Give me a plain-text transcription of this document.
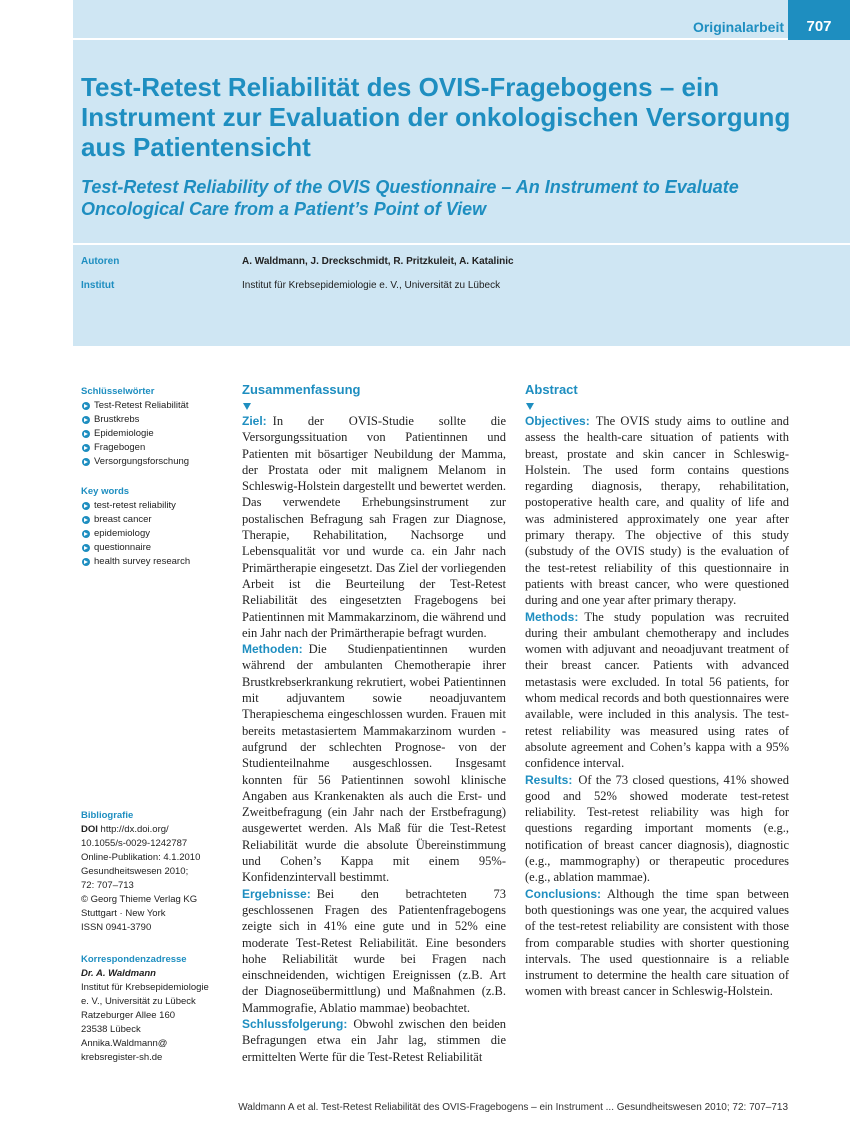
Originalarbeit	707
Test-Retest Reliabilität des OVIS-Fragebogens – ein Instrument zur Evaluation der onkologischen Versorgung aus Patientensicht
Test-Retest Reliability of the OVIS Questionnaire – An Instrument to Evaluate Oncological Care from a Patient’s Point of View
Autoren	A. Waldmann, J. Dreckschmidt, R. Pritzkuleit, A. Katalinic
Institut	Institut für Krebsepidemiologie e. V., Universität zu Lübeck
Schlüsselwörter
Test-Retest Reliabilität
Brustkrebs
Epidemiologie
Fragebogen
Versorgungsforschung
Key words
test-retest reliability
breast cancer
epidemiology
questionnaire
health survey research
Bibliografie
DOI http://dx.doi.org/
10.1055/s-0029-1242787
Online-Publikation: 4.1.2010
Gesundheitswesen 2010;
72: 707–713
© Georg Thieme Verlag KG
Stuttgart · New York
ISSN 0941-3790
Korrespondenzadresse
Dr. A. Waldmann
Institut für Krebsepidemiologie
e. V., Universität zu Lübeck
Ratzeburger Allee 160
23538 Lübeck
Annika.Waldmann@
krebsregister-sh.de
Zusammenfassung

Ziel: In der OVIS-Studie sollte die Versorgungssituation von Patientinnen und Patienten mit bösartiger Neubildung der Mamma, der Prostata oder mit malignem Melanom in Schleswig-Holstein dargestellt und bewertet werden. Das verwendete Erhebungsinstrument zur postalischen Befragung sah Fragen zur Diagnose, Therapie, Rehabilitation, Nachsorge und Lebensqualität vor und wurde ca. ein Jahr nach Primärtherapie eingesetzt. Das Ziel der vorliegenden Arbeit ist die Beurteilung der Test-Retest Reliabilität des eingesetzten Fragebogens bei Patientinnen mit Mammakarzinom, die während und ein Jahr nach der Primärtherapie befragt wurden.

Methoden: Die Studienpatientinnen wurden während der ambulanten Chemotherapie ihrer Brustkrebserkrankung rekrutiert, wobei Patientinnen mit adjuvantem sowie neoadjuvantem Therapieschema eingeschlossen wurden. Frauen mit bereits metastasiertem Mammakarzinom wurden -aufgrund der schlechten Prognose- von der Studienteilnahme ausgeschlossen. Insgesamt konnten für 56 Patientinnen sowohl klinische Angaben aus Krankenakten als auch die Erst- und Zweitbefragung (ein Jahr nach der Erstbefragung) ausgewertet werden. Als Maß für die Test-Retest Reliabilität wurde die absolute Übereinstimmung und Cohen’s Kappa mit einem 95%-Konfidenzintervall bestimmt.

Ergebnisse: Bei den betrachteten 73 geschlossenen Fragen des Patientenfragebogens zeigte sich in 41% eine gute und in 52% eine moderate Test-Retest Reliabilität. Eine besonders hohe Reliabilität wurde bei Fragen nach einschneidenden, wichtigen Ereignissen (z.B. Art der Diagnoseübermittlung) und Maßnahmen (z.B. Mammografie, Ablatio mammae) beobachtet.

Schlussfolgerung: Obwohl zwischen den beiden Befragungen etwa ein Jahr lag, stimmen die ermittelten Werte für die Test-Retest Reliabilität

Abstract

Objectives: The OVIS study aims to outline and assess the health-care situation of patients with breast, prostate and skin cancer in Schleswig-Holstein. The used form contains questions regarding diagnosis, therapy, rehabilitation, postoperative health care, and quality of life and was administered approximately one year after primary therapy. The objective of this study (substudy of the OVIS study) is the evaluation of the test-retest reliability of this questionnaire in patients with breast cancer, who were questioned during and one year after primary therapy.

Methods: The study population was recruited during their ambulant chemotherapy and includes women with adjuvant and neoadjuvant treatment of their breast cancer. Patients with advanced metastasis were excluded. In total 56 patients, for whom medical records and both questionnaires were available, were included in this analysis. The test-retest reliability was measured using rates of absolute agreement and Cohen’s kappa with a 95% confidence interval.

Results: Of the 73 closed questions, 41% showed good and 52% showed moderate test-retest reliability. Test-retest reliability was high for questions regarding important moments (e.g., notification of breast cancer diagnosis), diagnostic (e.g., mammography) or therapeutic procedures (e.g., ablation mammae).

Conclusions: Although the time span between both questionings was one year, the acquired values of the test-retest reliability are consistent with those from comparable studies with shorter questioning intervals. The used questionnaire is a reliable instrument to determine the health care situation of women with breast cancer in Schleswig-Holstein.

Waldmann A et al. Test-Retest Reliabilität des OVIS-Fragebogens – ein Instrument ... Gesundheitswesen 2010; 72: 707–713
